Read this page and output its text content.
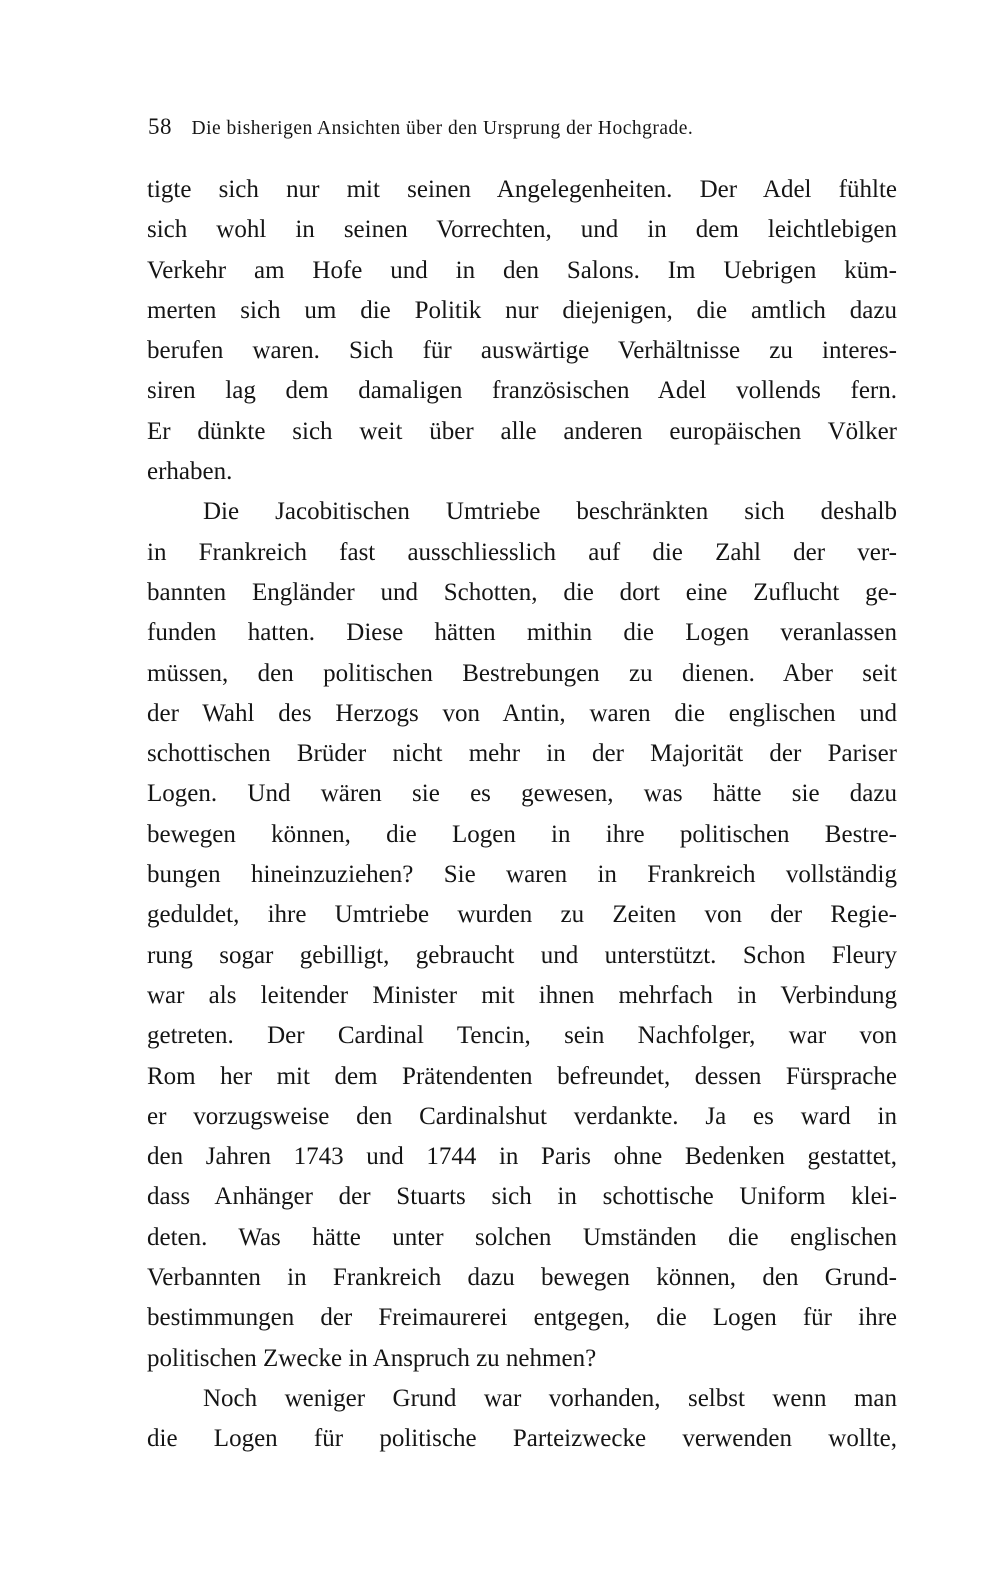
58 Die bisherigen Ansichten über den Ursprung der Hochgrade.
tigte sich nur mit seinen Angelegenheiten. Der Adel fühlte
sich wohl in seinen Vorrechten, und in dem leichtlebigen
Verkehr am Hofe und in den Salons. Im Uebrigen küm-
merten sich um die Politik nur diejenigen, die amtlich dazu
berufen waren. Sich für auswärtige Verhältnisse zu interes-
siren lag dem damaligen französischen Adel vollends fern.
Er dünkte sich weit über alle anderen europäischen Völker
erhaben.
Die Jacobitischen Umtriebe beschränkten sich deshalb
in Frankreich fast ausschliesslich auf die Zahl der ver-
bannten Engländer und Schotten, die dort eine Zuflucht ge-
funden hatten. Diese hätten mithin die Logen veranlassen
müssen, den politischen Bestrebungen zu dienen. Aber seit
der Wahl des Herzogs von Antin, waren die englischen und
schottischen Brüder nicht mehr in der Majorität der Pariser
Logen. Und wären sie es gewesen, was hätte sie dazu
bewegen können, die Logen in ihre politischen Bestre-
bungen hineinzuziehen? Sie waren in Frankreich vollständig
geduldet, ihre Umtriebe wurden zu Zeiten von der Regie-
rung sogar gebilligt, gebraucht und unterstützt. Schon Fleury
war als leitender Minister mit ihnen mehrfach in Verbindung
getreten. Der Cardinal Tencin, sein Nachfolger, war von
Rom her mit dem Prätendenten befreundet, dessen Fürsprache
er vorzugsweise den Cardinalshut verdankte. Ja es ward in
den Jahren 1743 und 1744 in Paris ohne Bedenken gestattet,
dass Anhänger der Stuarts sich in schottische Uniform klei-
deten. Was hätte unter solchen Umständen die englischen
Verbannten in Frankreich dazu bewegen können, den Grund-
bestimmungen der Freimaurerei entgegen, die Logen für ihre
politischen Zwecke in Anspruch zu nehmen?
Noch weniger Grund war vorhanden, selbst wenn man
die Logen für politische Parteizwecke verwenden wollte,
